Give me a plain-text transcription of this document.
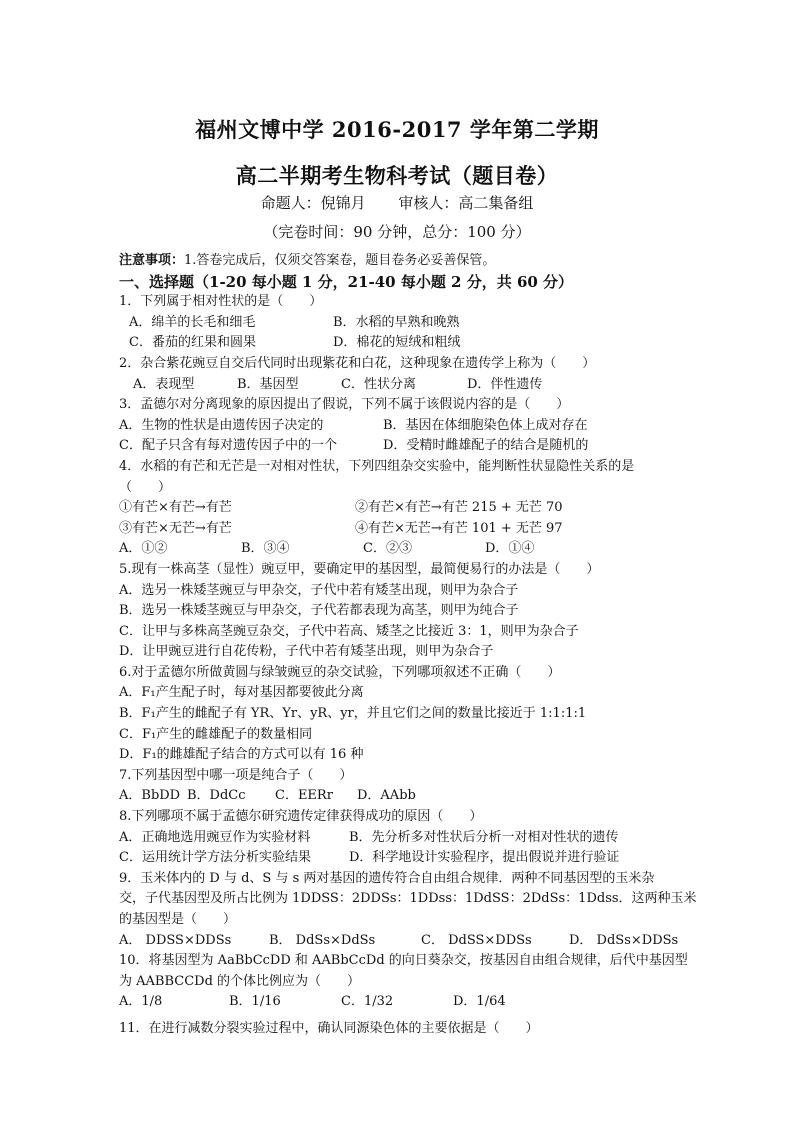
福州文博中学 2016-2017 学年第二学期
高二半期考生物科考试（题目卷）
命题人：倪锦月 审核人：高二集备组
（完卷时间：90 分钟，总分：100 分）
注意事项：1.答卷完成后，仅须交答案卷，题目卷务必妥善保管。
一、选择题（1-20 每小题 1 分，21-40 每小题 2 分，共 60 分）
1．下列属于相对性状的是（　　）
A．绵羊的长毛和细毛	B．水稻的早熟和晚熟
C．番茄的红果和圆果	D．棉花的短绒和粗绒
2．杂合紫花豌豆自交后代同时出现紫花和白花，这种现象在遗传学上称为（　　）
A．表现型	B．基因型	C．性状分离	D．伴性遗传
3．孟德尔对分离现象的原因提出了假说，下列不属于该假说内容的是（　　）
A．生物的性状是由遗传因子决定的	B．基因在体细胞染色体上成对存在
C．配子只含有每对遗传因子中的一个	D．受精时雌雄配子的结合是随机的
4．水稻的有芒和无芒是一对相对性状，下列四组杂交实验中，能判断性状显隐性关系的是
（　　）
①有芒×有芒→有芒	②有芒×有芒→有芒 215 + 无芒 70
③有芒×无芒→有芒	④有芒×无芒→有芒 101 + 无芒 97
A．①②	B．③④	C．②③	D．①④
5.现有一株高茎（显性）豌豆甲，要确定甲的基因型，最简便易行的办法是（　　）
A．选另一株矮茎豌豆与甲杂交，子代中若有矮茎出现，则甲为杂合子
B．选另一株矮茎豌豆与甲杂交，子代若都表现为高茎，则甲为纯合子
C．让甲与多株高茎豌豆杂交，子代中若高、矮茎之比接近 3：1，则甲为杂合子
D．让甲豌豆进行自花传粉，子代中若有矮茎出现，则甲为杂合子
6.对于孟德尔所做黄圆与绿皱豌豆的杂交试验，下列哪项叙述不正确（　　）
A．F₁产生配子时，每对基因都要彼此分离
B．F₁产生的雌配子有 YR、Yr、yR、yr，并且它们之间的数量比接近于 1:1:1:1
C．F₁产生的雌雄配子的数量相同
D．F₁的雌雄配子结合的方式可以有 16 种
7.下列基因型中哪一项是纯合子（　　）
A．BbDD B．DdCc C．EERr D．AAbb
8.下列哪项不属于孟德尔研究遗传定律获得成功的原因（　　）
A．正确地选用豌豆作为实验材料	B．先分析多对性状后分析一对相对性状的遗传
C．运用统计学方法分析实验结果	D．科学地设计实验程序，提出假说并进行验证
9．玉米体内的 D 与 d、S 与 s 两对基因的遗传符合自由组合规律．两种不同基因型的玉米杂
交，子代基因型及所占比例为 1DDSS：2DDSs：1DDss：1DdSS：2DdSs：1Ddss．这两种玉米
的基因型是（　　）
A． DDSS×DDSs	B． DdSs×DdSs	C． DdSS×DDSs	D． DdSs×DDSs
10．将基因型为 AaBbCcDD 和 AABbCcDd 的向日葵杂交，按基因自由组合规律，后代中基因型
为 AABBCCDd 的个体比例应为（　　）
A．1/8	B．1/16	C．1/32	D．1/64
11．在进行减数分裂实验过程中，确认同源染色体的主要依据是（　　）
